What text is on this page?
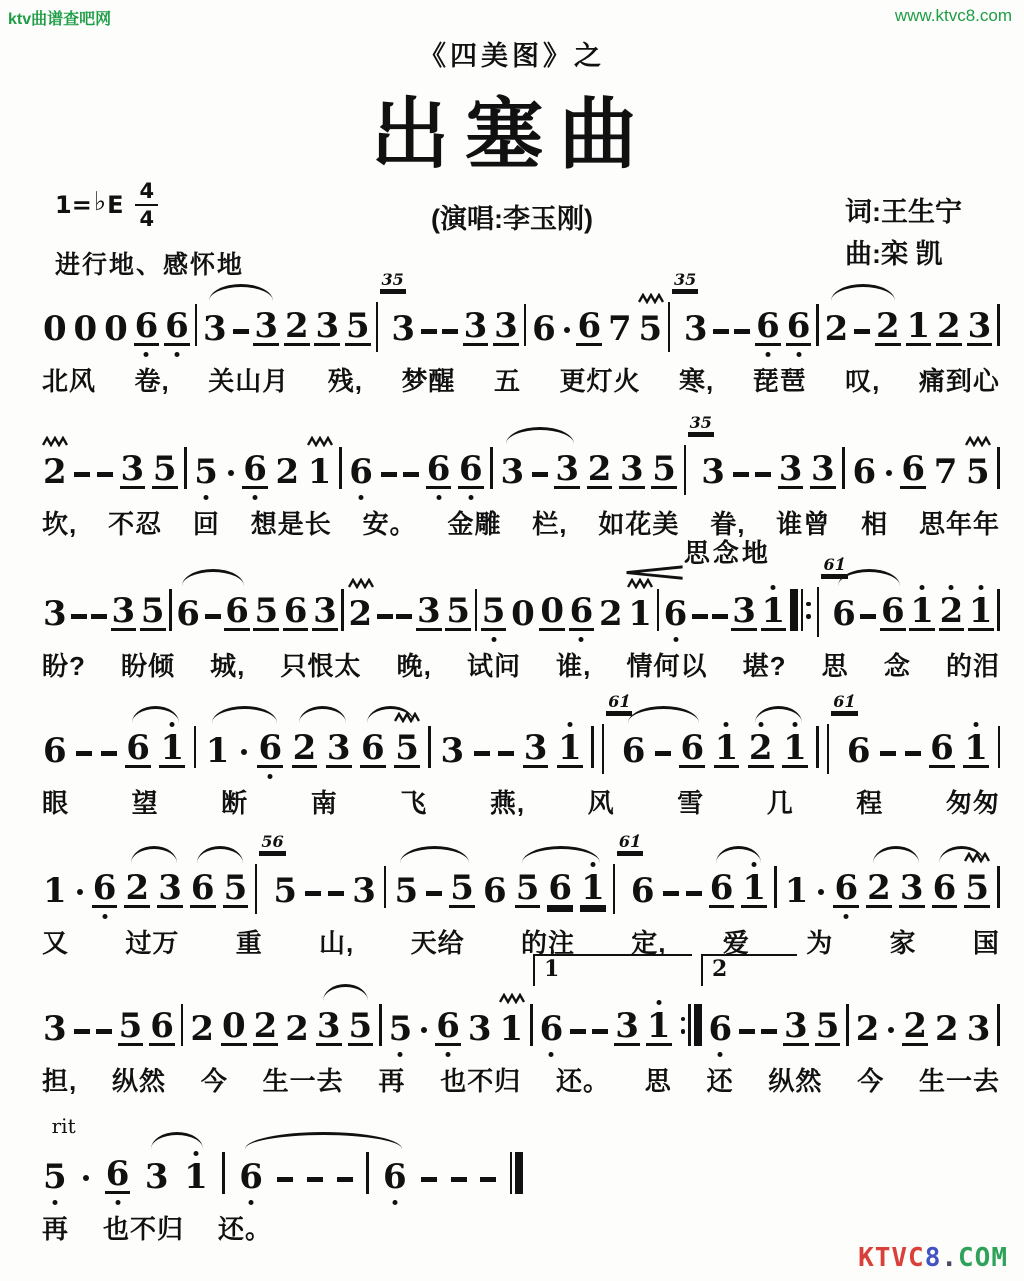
ktv曲谱查吧网	www.ktvc8.com
《四美图》之
出塞曲
1= ♭ E $\frac{4}{4}$	(演唱:李玉刚)	词:王生宁
曲:栾 凯
进行地、感怀地
0 0 0 6 6 3 3 2 3 5
35
3 3 3 6 6 7 5
35
3 6 6 2 2 1 2 3
北风 卷, 关山月 残, 梦醒 五 更灯火 寒, 琵琶 叹, 痛到心
2 3 5 5 6 2 1 6 6 6 3 3 2 3 5
35
3 3 3 6 6 7 5
坎, 不忍 回 想是长 安。 金雕 栏, 如花美 眷, 谁曾 相 思年年
3 3 5 6 6 5 6 3 2 3 5 5 0 0 6 2 1 6 3 1
61̇
6 6 1 2 1
思念地
<
盼? 盼倾 城, 只恨太 晚, 试问 谁, 情何以 堪? 思 念 的泪
6 6 1 1 6 2 3 6 5 3 3 1
61̇
6 6 1 2 1
61̇
6 6 1
眼 望 断 南 飞 燕, 风 雪 几 程 匆匆
1 6 2 3 6 5
56
5 3 5 5 6 5 6 1
61̇
6 6 1 1 6 2 3 6 5
又 过万 重 山, 天给 的注 定, 爱 为 家 国
3 5 6 2 0 2 2 3 5 5 6 3 1 6 3 1 6 3 5 2 2 2 3
1	2
担, 纵然 今 生一去 再 也不归 还。 思 还 纵然 今 生一去
5 6 3 1 6	6
rit
再 也不归 还。
KTVC8.COM
